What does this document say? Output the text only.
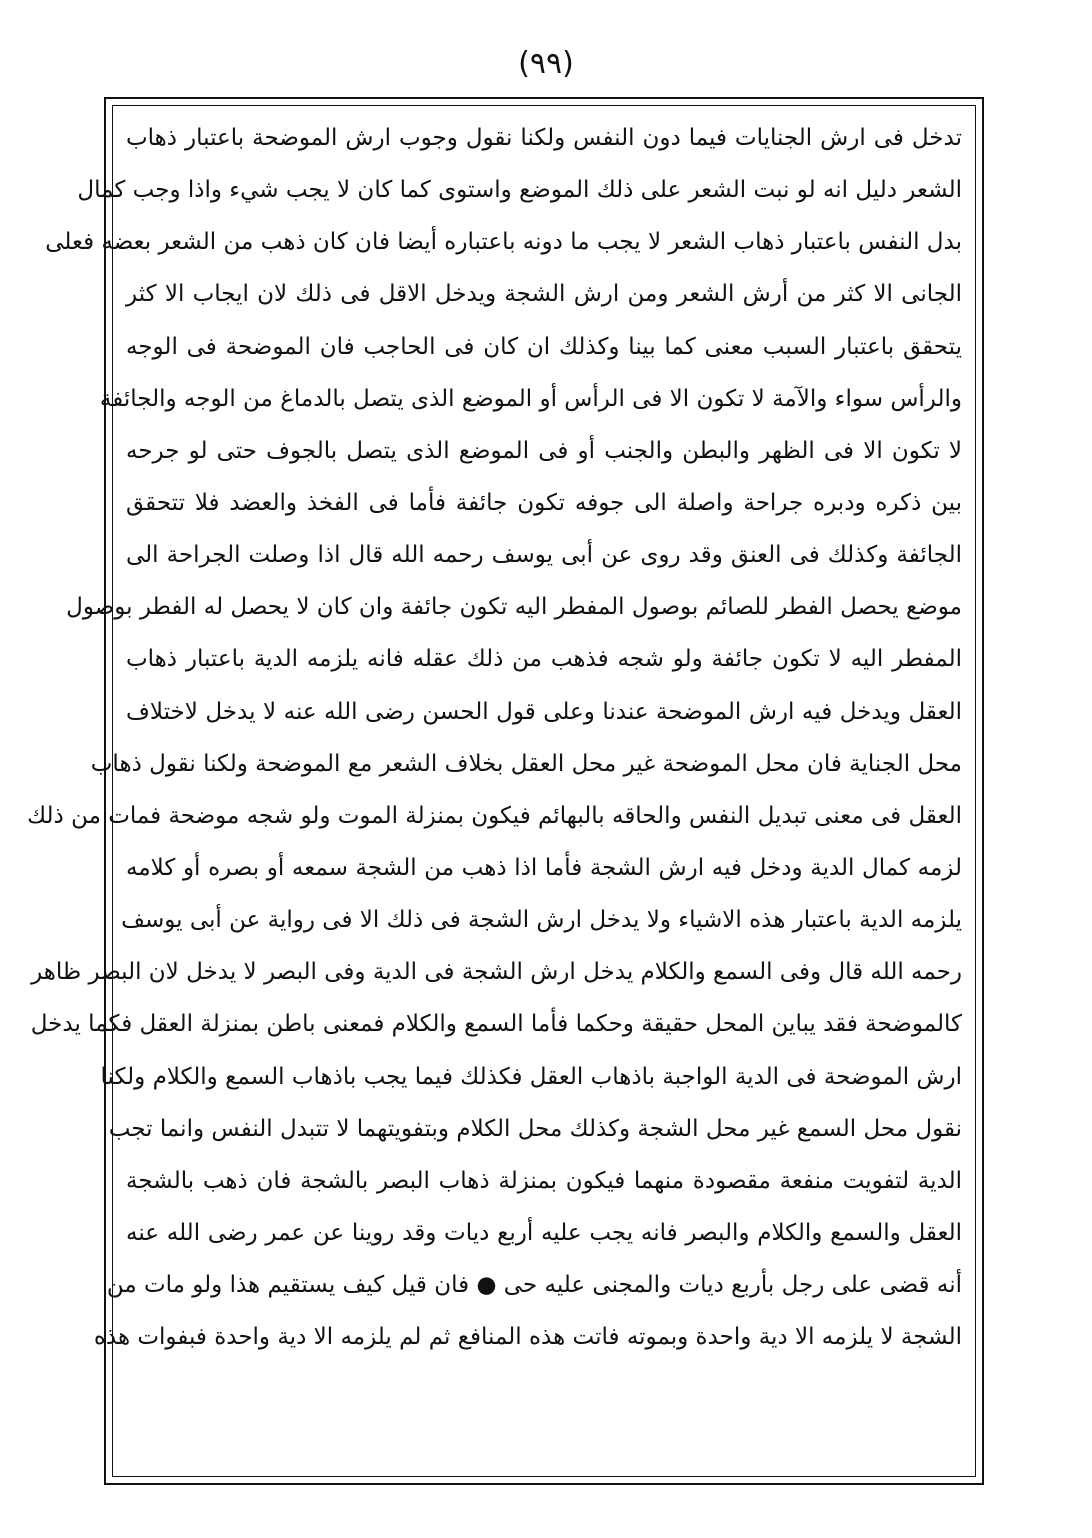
(٩٩)
تدخل فى ارش الجنايات فيما دون النفس ولكنا نقول وجوب ارش الموضحة باعتبار ذهاب
الشعر دليل انه لو نبت الشعر على ذلك الموضع واستوى كما كان لا يجب شيء واذا وجب كمال
بدل النفس باعتبار ذهاب الشعر لا يجب ما دونه باعتباره أيضا فان كان ذهب من الشعر بعضه فعلى
الجانى الا كثر من أرش الشعر ومن ارش الشجة ويدخل الاقل فى ذلك لان ايجاب الا كثر
يتحقق باعتبار السبب معنى كما بينا وكذلك ان كان فى الحاجب فان الموضحة فى الوجه
والرأس سواء والآمة لا تكون الا فى الرأس أو الموضع الذى يتصل بالدماغ من الوجه والجائفة
لا تكون الا فى الظهر والبطن والجنب أو فى الموضع الذى يتصل بالجوف حتى لو جرحه
بين ذكره ودبره جراحة واصلة الى جوفه تكون جائفة فأما فى الفخذ والعضد فلا تتحقق
الجائفة وكذلك فى العنق وقد روى عن أبى يوسف رحمه الله قال اذا وصلت الجراحة الى
موضع يحصل الفطر للصائم بوصول المفطر اليه تكون جائفة وان كان لا يحصل له الفطر بوصول
المفطر اليه لا تكون جائفة ولو شجه فذهب من ذلك عقله فانه يلزمه الدية باعتبار ذهاب
العقل ويدخل فيه ارش الموضحة عندنا وعلى قول الحسن رضى الله عنه لا يدخل لاختلاف
محل الجناية فان محل الموضحة غير محل العقل بخلاف الشعر مع الموضحة ولكنا نقول ذهاب
العقل فى معنى تبديل النفس والحاقه بالبهائم فيكون بمنزلة الموت ولو شجه موضحة فمات من ذلك
لزمه كمال الدية ودخل فيه ارش الشجة فأما اذا ذهب من الشجة سمعه أو بصره أو كلامه
يلزمه الدية باعتبار هذه الاشياء ولا يدخل ارش الشجة فى ذلك الا فى رواية عن أبى يوسف
رحمه الله قال وفى السمع والكلام يدخل ارش الشجة فى الدية وفى البصر لا يدخل لان البصر ظاهر
كالموضحة فقد يباين المحل حقيقة وحكما فأما السمع والكلام فمعنى باطن بمنزلة العقل فكما يدخل
ارش الموضحة فى الدية الواجبة باذهاب العقل فكذلك فيما يجب باذهاب السمع والكلام ولكنا
نقول محل السمع غير محل الشجة وكذلك محل الكلام وبتفويتهما لا تتبدل النفس وانما تجب
الدية لتفويت منفعة مقصودة منهما فيكون بمنزلة ذهاب البصر بالشجة فان ذهب بالشجة
العقل والسمع والكلام والبصر فانه يجب عليه أربع ديات وقد روينا عن عمر رضى الله عنه
أنه قضى على رجل بأربع ديات والمجنى عليه حى ● فان قيل كيف يستقيم هذا ولو مات من
الشجة لا يلزمه الا دية واحدة وبموته فاتت هذه المنافع ثم لم يلزمه الا دية واحدة فبفوات هذه
